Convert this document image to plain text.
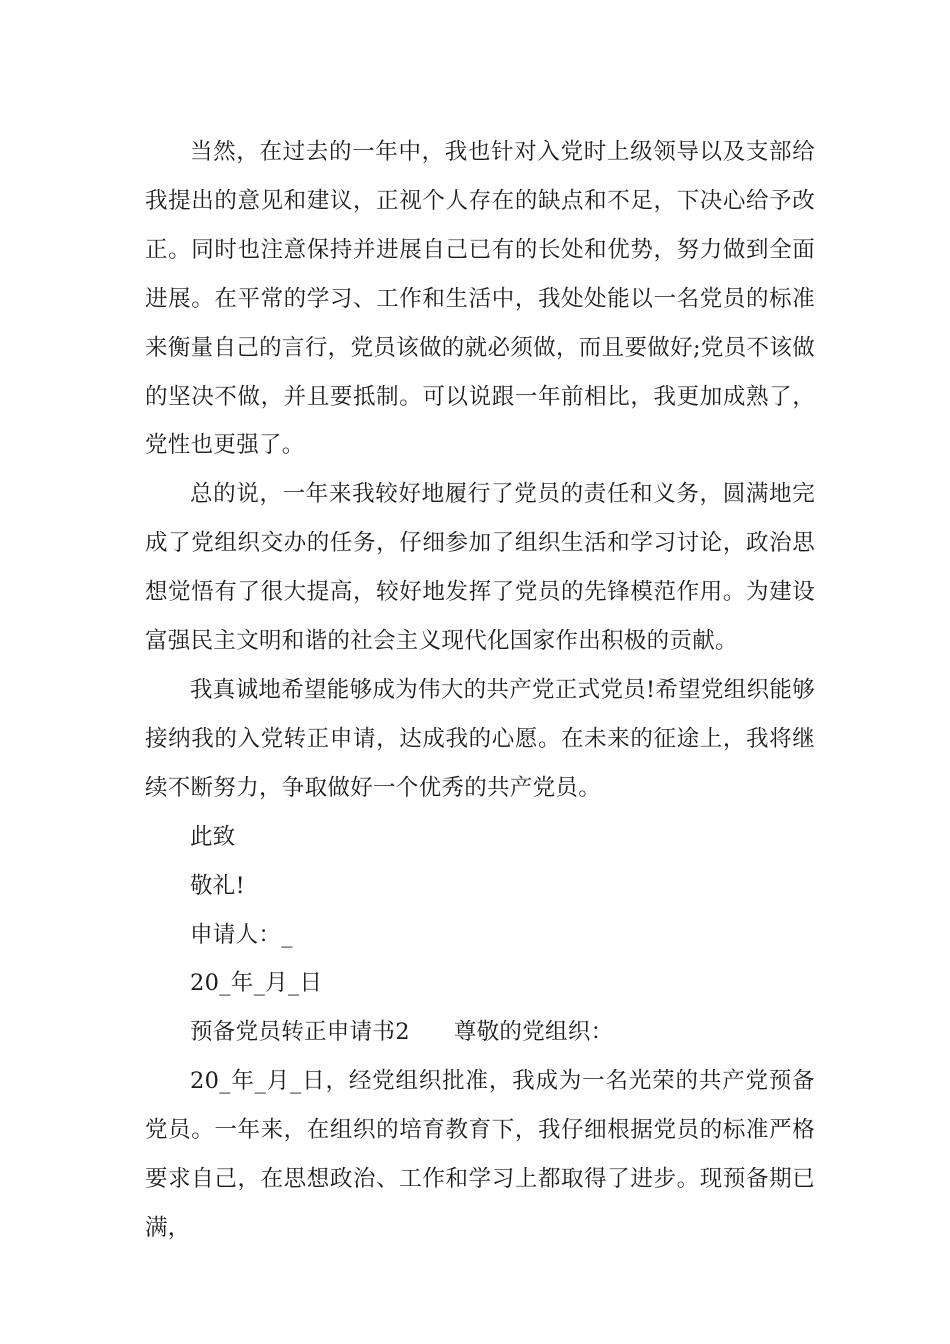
当然，在过去的一年中，我也针对入党时上级领导以及支部给我提出的意见和建议，正视个人存在的缺点和不足，下决心给予改正。同时也注意保持并进展自己已有的长处和优势，努力做到全面进展。在平常的学习、工作和生活中，我处处能以一名党员的标准来衡量自己的言行，党员该做的就必须做，而且要做好;党员不该做的坚决不做，并且要抵制。可以说跟一年前相比，我更加成熟了，党性也更强了。

总的说，一年来我较好地履行了党员的责任和义务，圆满地完成了党组织交办的任务，仔细参加了组织生活和学习讨论，政治思想觉悟有了很大提高，较好地发挥了党员的先锋模范作用。为建设富强民主文明和谐的社会主义现代化国家作出积极的贡献。

我真诚地希望能够成为伟大的共产党正式党员!希望党组织能够接纳我的入党转正申请，达成我的心愿。在未来的征途上，我将继续不断努力，争取做好一个优秀的共产党员。

此致

敬礼!

申请人：_

20_年_月_日

预备党员转正申请书2 尊敬的党组织：

20_年_月_日，经党组织批准，我成为一名光荣的共产党预备党员。一年来，在组织的培育教育下，我仔细根据党员的标准严格要求自己，在思想政治、工作和学习上都取得了进步。现预备期已满，
